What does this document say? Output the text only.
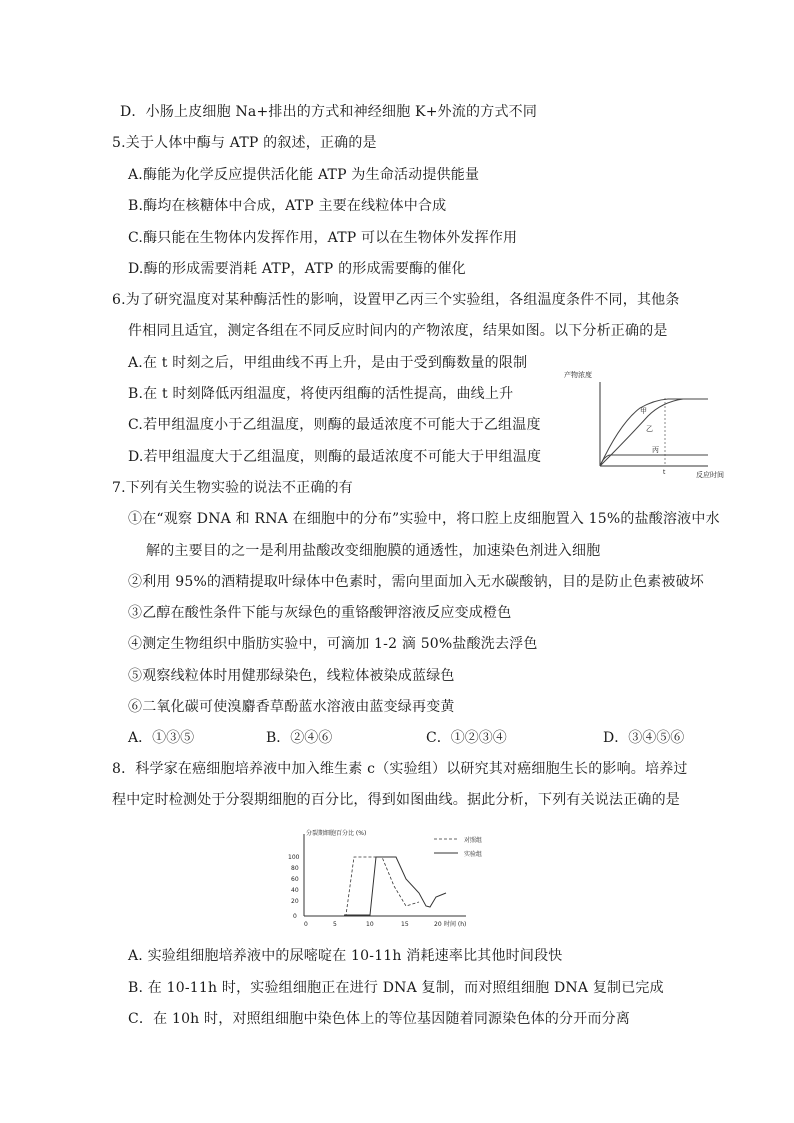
D．小肠上皮细胞 Na+排出的方式和神经细胞 K+外流的方式不同
5.关于人体中酶与 ATP 的叙述，正确的是
A.酶能为化学反应提供活化能 ATP 为生命活动提供能量
B.酶均在核糖体中合成，ATP 主要在线粒体中合成
C.酶只能在生物体内发挥作用，ATP 可以在生物体外发挥作用
D.酶的形成需要消耗 ATP，ATP 的形成需要酶的催化
6.为了研究温度对某种酶活性的影响，设置甲乙丙三个实验组，各组温度条件不同，其他条
件相同且适宜，测定各组在不同反应时间内的产物浓度，结果如图。以下分析正确的是
A.在 t 时刻之后，甲组曲线不再上升，是由于受到酶数量的限制
B.在 t 时刻降低丙组温度，将使丙组酶的活性提高，曲线上升
C.若甲组温度小于乙组温度，则酶的最适浓度不可能大于乙组温度
D.若甲组温度大于乙组温度，则酶的最适浓度不可能大于甲组温度
7.下列有关生物实验的说法不正确的有
①在“观察 DNA 和 RNA 在细胞中的分布”实验中，将口腔上皮细胞置入 15%的盐酸溶液中水
解的主要目的之一是利用盐酸改变细胞膜的通透性，加速染色剂进入细胞
②利用 95%的酒精提取叶绿体中色素时，需向里面加入无水碳酸钠，目的是防止色素被破坏
③乙醇在酸性条件下能与灰绿色的重铬酸钾溶液反应变成橙色
④测定生物组织中脂肪实验中，可滴加 1-2 滴 50%盐酸洗去浮色
⑤观察线粒体时用健那绿染色，线粒体被染成蓝绿色
⑥二氧化碳可使溴麝香草酚蓝水溶液由蓝变绿再变黄
A．①③⑤	B．②④⑥	C．①②③④	D．③④⑤⑥
8．科学家在癌细胞培养液中加入维生素 c（实验组）以研究其对癌细胞生长的影响。培养过
程中定时检测处于分裂期细胞的百分比，得到如图曲线。据此分析，下列有关说法正确的是
A. 实验组细胞培养液中的尿嘧啶在 10-11h 消耗速率比其他时间段快
B. 在 10-11h 时，实验组细胞正在进行 DNA 复制，而对照组细胞 DNA 复制已完成
C．在 10h 时，对照组细胞中染色体上的等位基因随着同源染色体的分开而分离
产物浓度
反应时间
t
甲
乙
丙
分裂期细胞百分比 (%)
时间 (h)
100
80
60
40
20
0
0	5	10	15	20
对照组
实验组
